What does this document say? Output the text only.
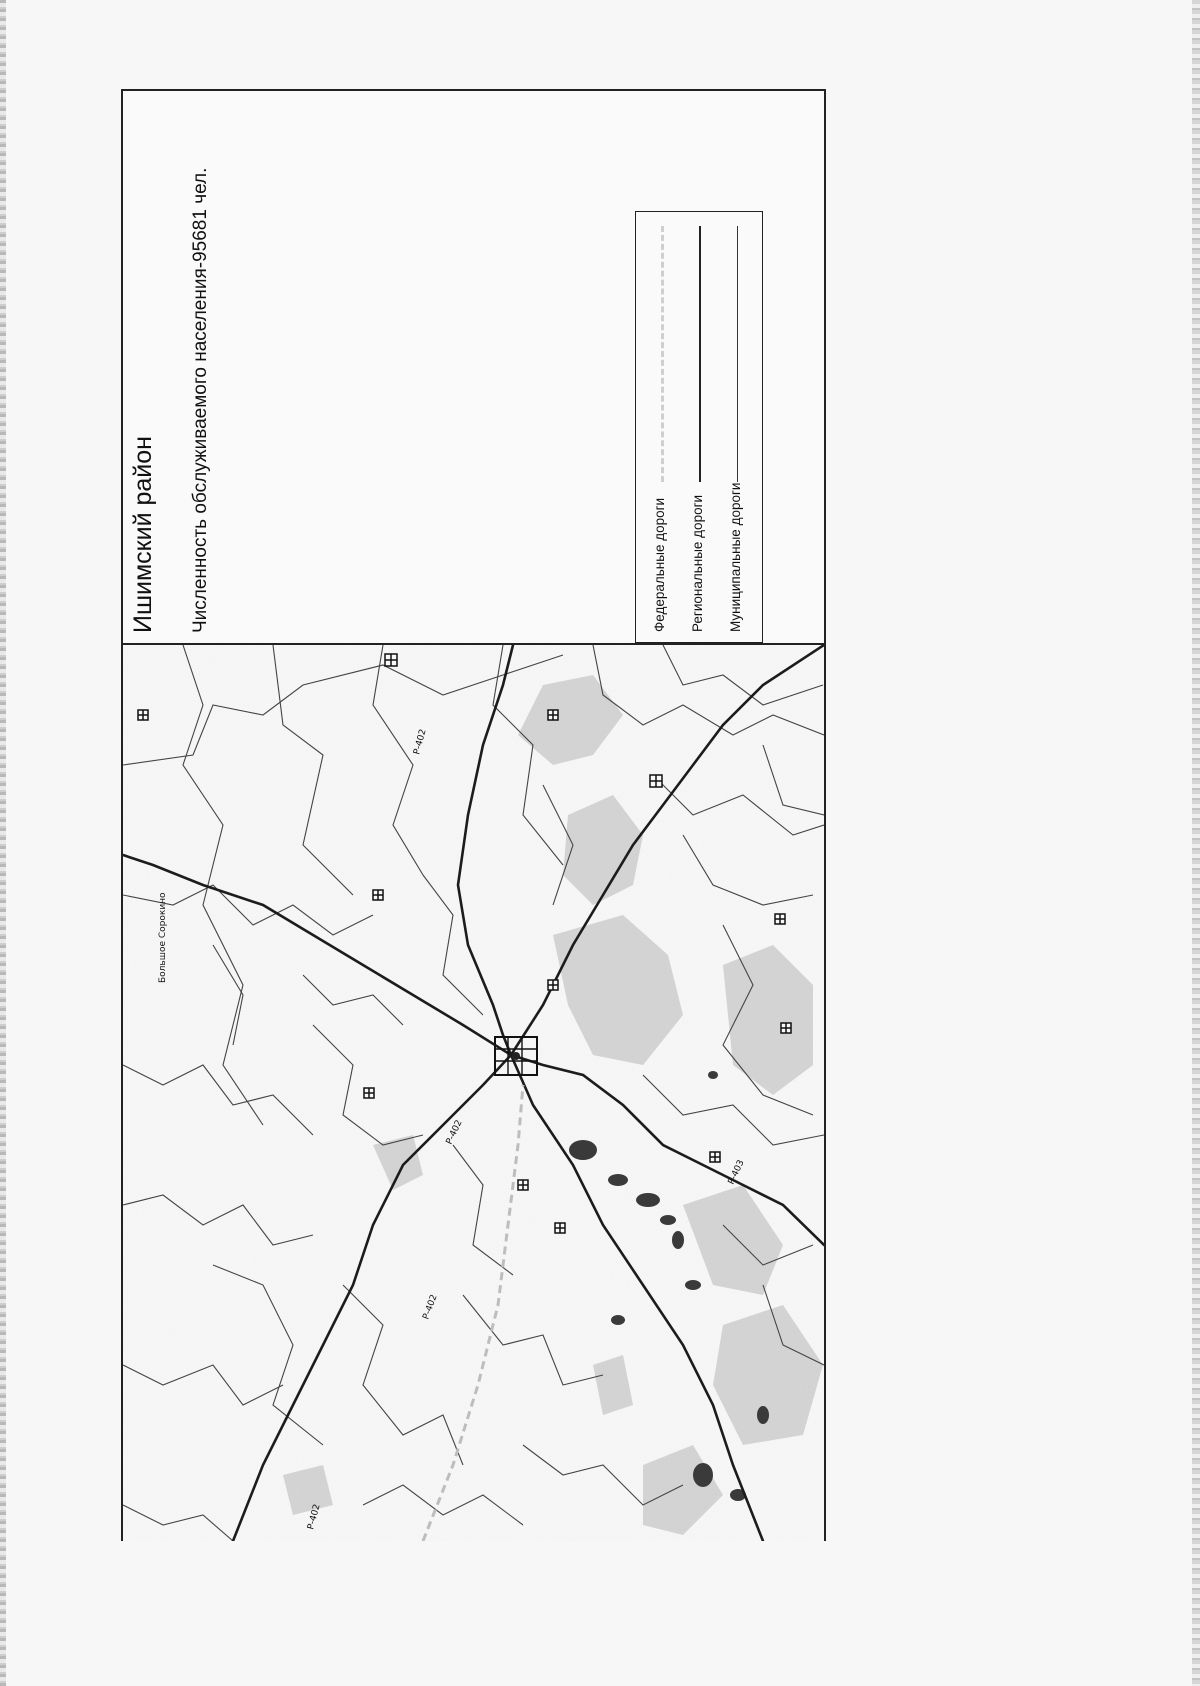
Ишимский район Численность обслуживаемого населения-95681 чел.	Федеральные дороги Региональные дороги Муниципальные дороги
Большое Сорокино
Р-402
Р-402
Р-402
Р-402
Р-403
